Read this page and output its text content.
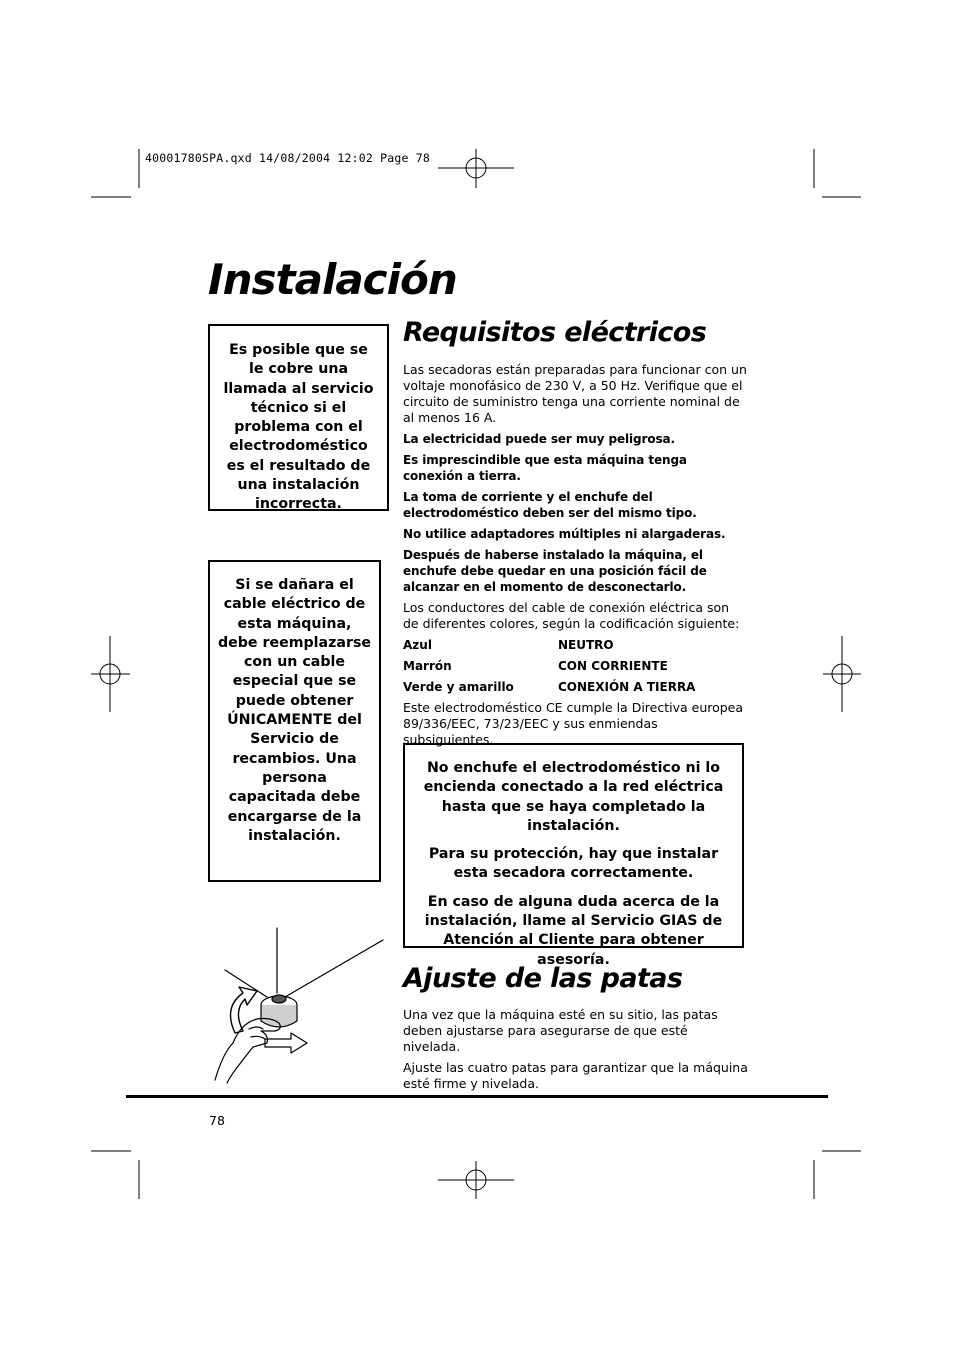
40001780SPA.qxd 14/08/2004 12:02 Page 78
Instalación

Es posible que se le cobre una llamada al servicio técnico si el problema con el electrodoméstico es el resultado de una instalación incorrecta.

Si se dañara el cable eléctrico de esta máquina, debe reemplazarse con un cable especial que se puede obtener ÚNICAMENTE del Servicio de recambios. Una persona capacitada debe encargarse de la instalación.

Requisitos eléctricos

Las secadoras están preparadas para funcionar con un voltaje monofásico de 230 V, a 50 Hz. Verifique que el circuito de suministro tenga una corriente nominal de al menos 16 A.

La electricidad puede ser muy peligrosa.

Es imprescindible que esta máquina tenga conexión a tierra.

La toma de corriente y el enchufe del electrodoméstico deben ser del mismo tipo.

No utilice adaptadores múltiples ni alargaderas.

Después de haberse instalado la máquina, el enchufe debe quedar en una posición fácil de alcanzar en el momento de desconectarlo.

Los conductores del cable de conexión eléctrica son de diferentes colores, según la codificación siguiente:

Azul	NEUTRO
Marrón	CON CORRIENTE
Verde y amarillo	CONEXIÓN A TIERRA

Este electrodoméstico CE cumple la Directiva europea 89/336/EEC, 73/23/EEC y sus enmiendas subsiguientes.

No enchufe el electrodoméstico ni lo encienda conectado a la red eléctrica hasta que se haya completado la instalación.

Para su protección, hay que instalar esta secadora correctamente.

En caso de alguna duda acerca de la instalación, llame al Servicio GIAS de Atención al Cliente para obtener asesoría.

Ajuste de las patas

Una vez que la máquina esté en su sitio, las patas deben ajustarse para asegurarse de que esté nivelada.

Ajuste las cuatro patas para garantizar que la máquina esté firme y nivelada.

78
